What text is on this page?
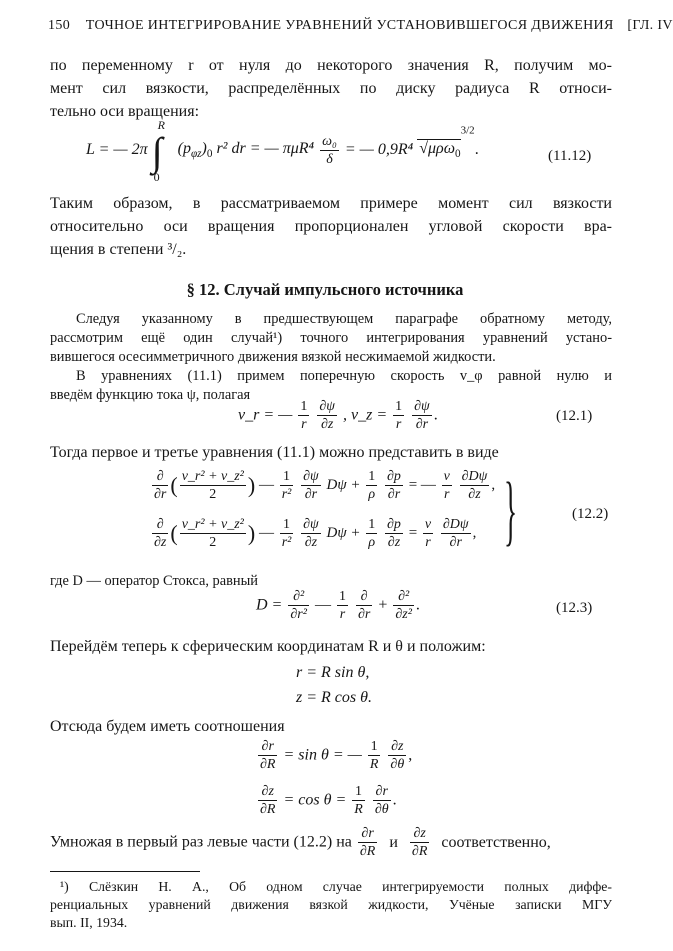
150 ТОЧНОЕ ИНТЕГРИРОВАНИЕ УРАВНЕНИЙ УСТАНОВИВШЕГОСЯ ДВИЖЕНИЯ [ГЛ. IV
по переменному r от нуля до некоторого значения R, получим мо-
мент сил вязкости, распределённых по диску радиуса R относи-
тельно оси вращения:
L = — 2π
R
∫
0
$(p_{\varphi z})_0$ r² dr = — $\pi\mu R^4 \frac{\text{ω₀}}{\delta}$ = — 0,9R⁴ √μρω$_0^{3/2}$.	(11.12)
Таким образом, в рассматриваемом примере момент сил вязкости
относительно оси вращения пропорционален угловой скорости вра-
щения в степени ³/₂.
§ 12. Случай импульсного источника
Следуя указанному в предшествующем параграфе обратному методу,
рассмотрим ещё один случай¹) точного интегрирования уравнений устано-
вившегося осесимметричного движения вязкой несжимаемой жидкости.
В уравнениях (11.1) примем поперечную скорость v_φ равной нулю и
введём функцию тока ψ, полагая
v_r = — $\frac{1}{r}$
$\frac{\partial\psi}{\partial z}$ , v_z = $\frac{1}{r}$
$\frac{\partial\psi}{\partial r}$ .	(12.1)
Тогда первое и третье уравнения (11.1) можно представить в виде
$\frac{\partial}{\partial r}$ ( $\frac{\text{v\_r² + v\_z²}}{2}$ ) — $\frac{1}{\text{r²}}$
$\frac{\partial\psi}{\partial r}$ $D\psi + \frac{1}{\rho}$
$\frac{\partial p}{\partial r}$ = — $\frac{\nu}{r}$
$\frac{\partial D\psi}{\partial z}$ ,
$\frac{\partial}{\partial z}$ ( $\frac{\text{v\_r² + v\_z²}}{2}$ ) — $\frac{1}{\text{r²}}$
$\frac{\partial\psi}{\partial z}$ $D\psi + \frac{1}{\rho}$
$\frac{\partial p}{\partial z} = \frac{\nu}{r}$
$\frac{\partial D\psi}{\partial r}$ , }	(12.2)
где D — оператор Стокса, равный
$D = \frac{\text{∂²}}{\text{∂r²}}$ — $\frac{1}{r}$
$\frac{\partial}{\partial r} + \frac{\text{∂²}}{\text{∂z²}}$ .	(12.3)
Перейдём теперь к сферическим координатам R и θ и положим:
r = R sin θ,
z = R cos θ.
Отсюда будем иметь соотношения
$\frac{\partial r}{\partial R} = \sin \theta$ = — $\frac{1}{R}$
$\frac{\partial z}{\partial\theta}$ ,
$\frac{\partial z}{\partial R} = \cos \theta = \frac{1}{R}$
$\frac{\partial r}{\partial\theta}$ .
Умножая в первый раз левые части (12.2) на $\frac{\partial r}{\partial R}$ и $\frac{\partial z}{\partial R}$ соответственно,
¹) Слёзкин Н. А., Об одном случае интегрируемости полных диффе-
ренциальных уравнений движения вязкой жидкости, Учёные записки МГУ
вып. II, 1934.
